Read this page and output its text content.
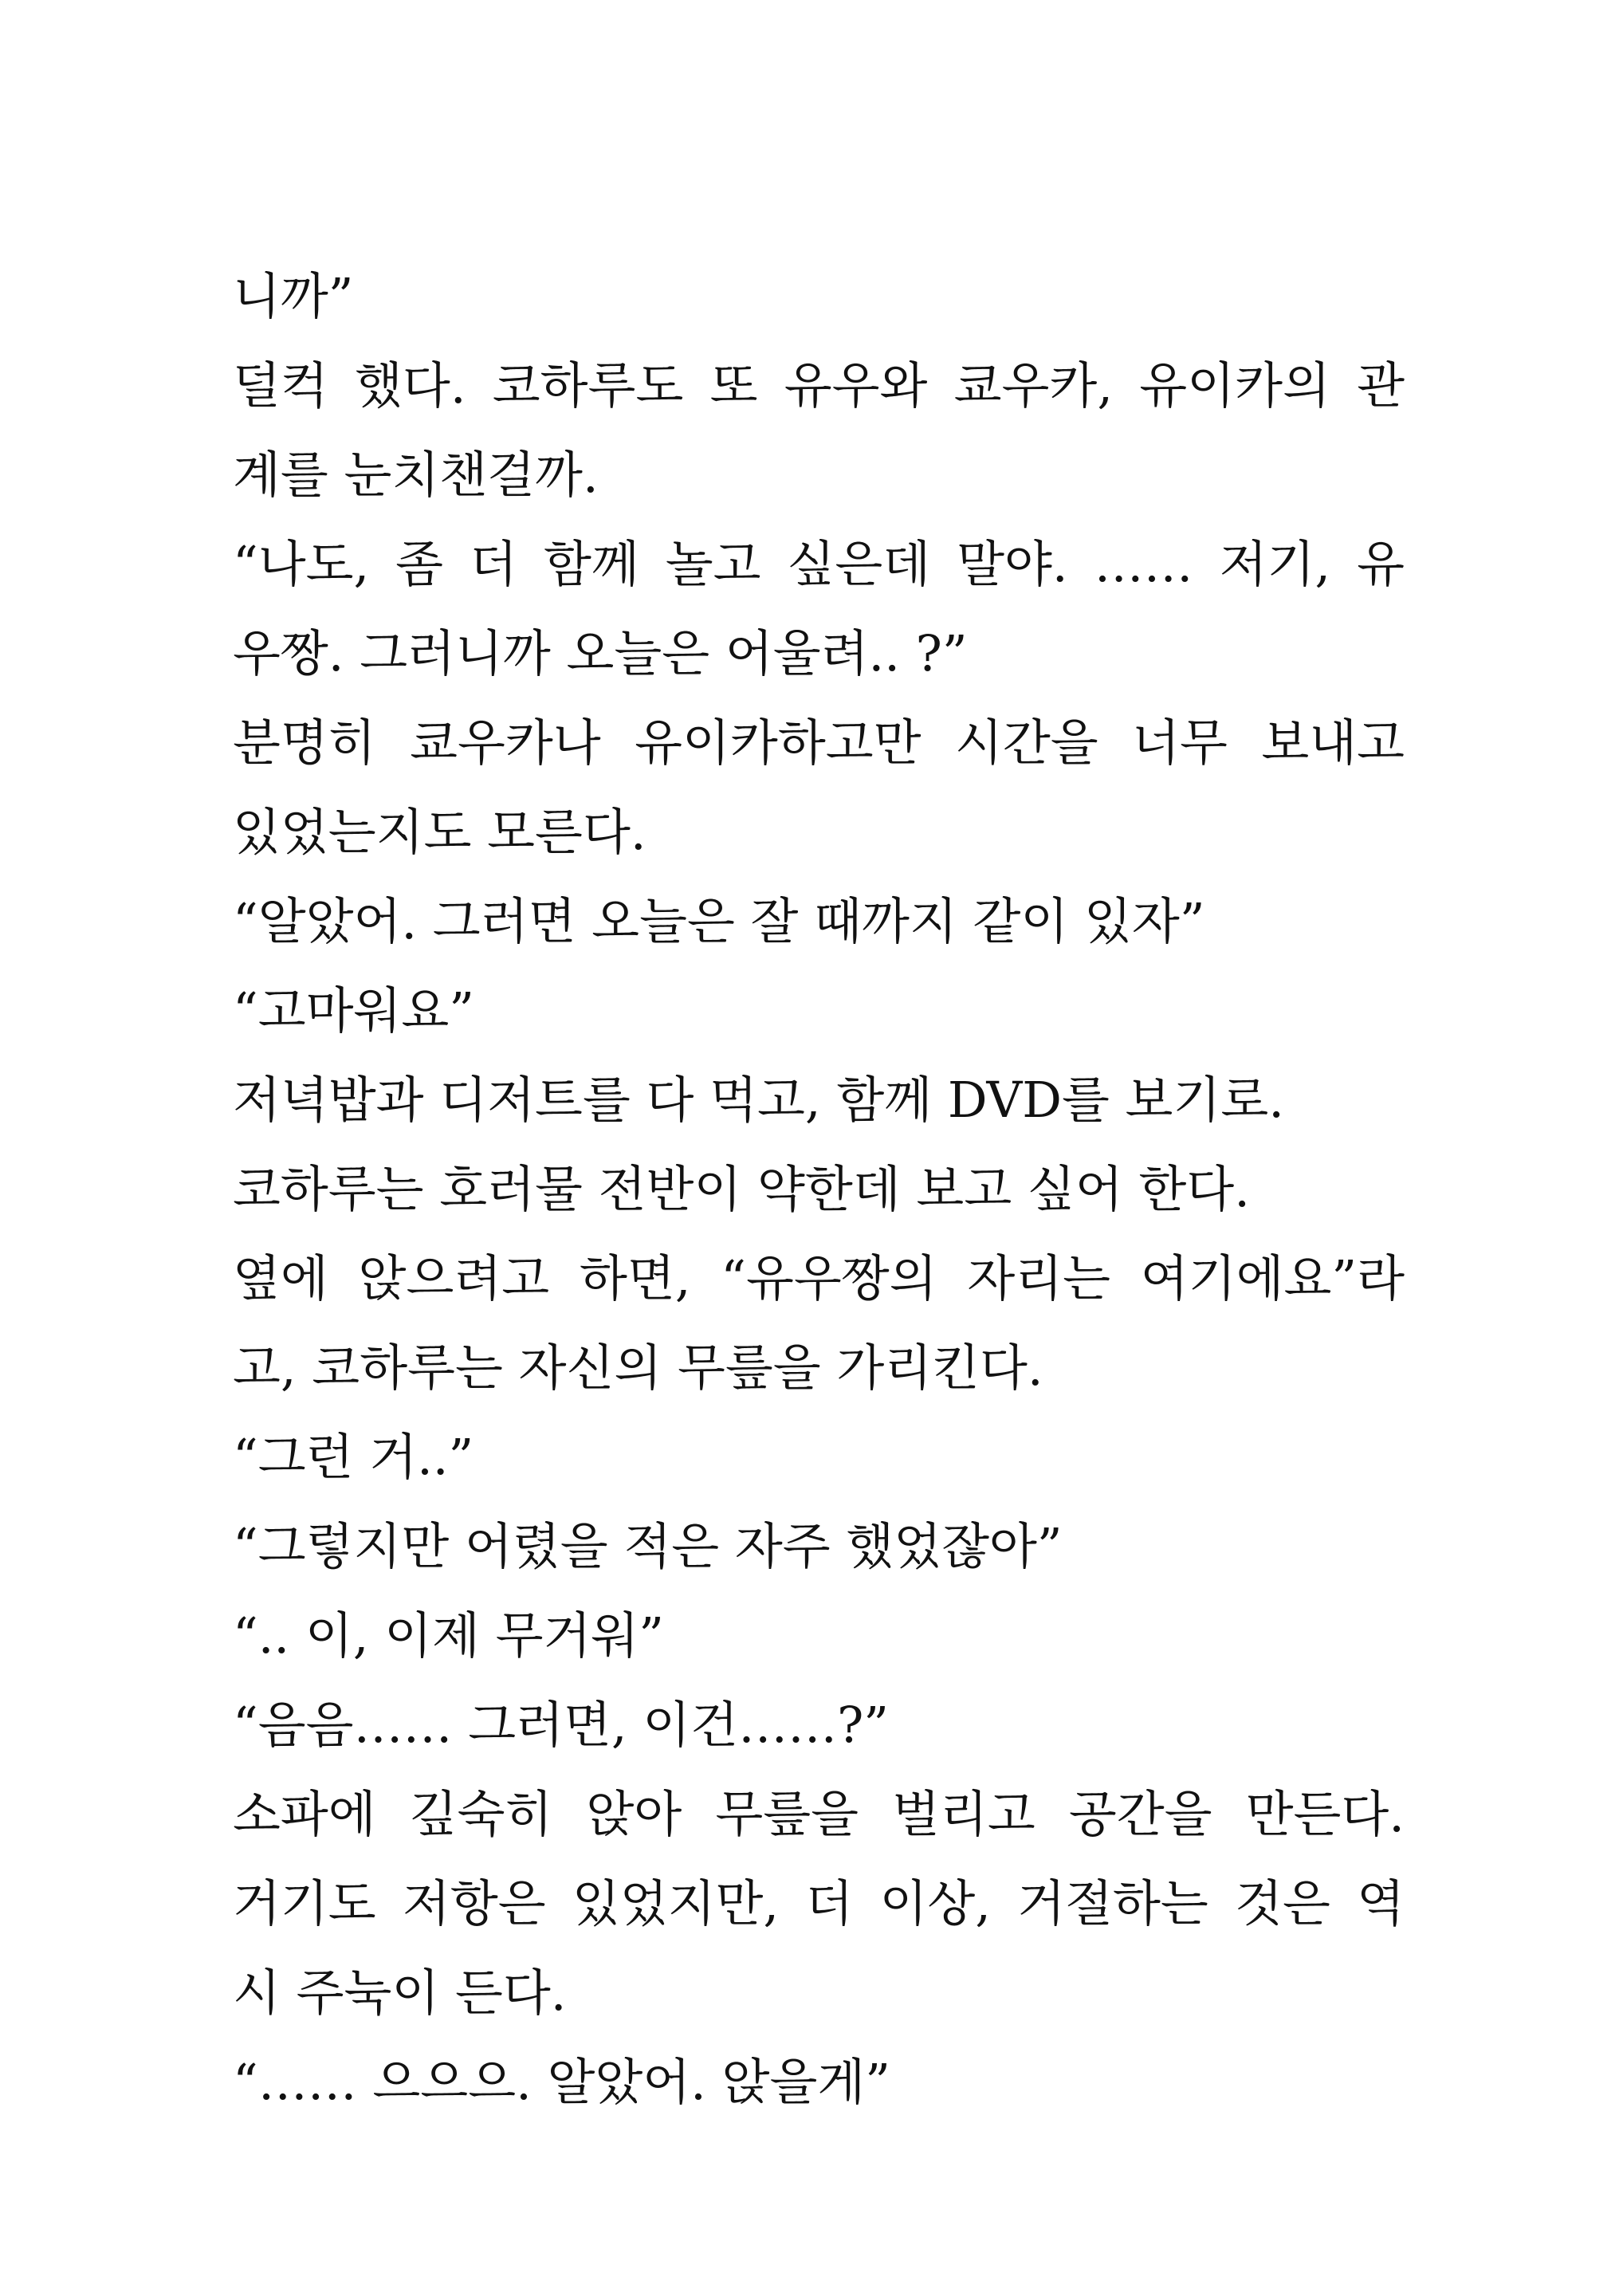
니까”
덜컥 했다. 코하루도 또 유우와 쿄우카, 유이카의 관
계를 눈치챈걸까.
“나도, 좀 더 함께 놀고 싶은데 말야. …… 저기, 유
우짱. 그러니까 오늘은 어울려.. ?”
분명히 쿄우카나 유이카하고만 시간을 너무 보내고
있었는지도 모른다.
“알았어. 그러면 오늘은 잘 때까지 같이 있자”
“고마워요”
저녁밥과 디저트를 다 먹고, 함께 DVD를 보기로.
코하루는 호러물 전반이 약한데 보고 싶어 한다.
옆에 앉으려고 하면, “유우짱의 자리는 여기에요”라
고, 코하루는 자신의 무릎을 가리킨다.
“그런 거..”
“그렇지만 어렸을 적은 자주 했었잖아”
“.. 이, 이제 무거워”
“음음…… 그러면, 이건……?”
소파에 깊숙히 앉아 무릎을 벌리고 공간을 만든다.
거기도 저항은 있었지만, 더 이상, 거절하는 것은 역
시 주눅이 든다.
“…… 으으으. 알았어. 앉을게”
